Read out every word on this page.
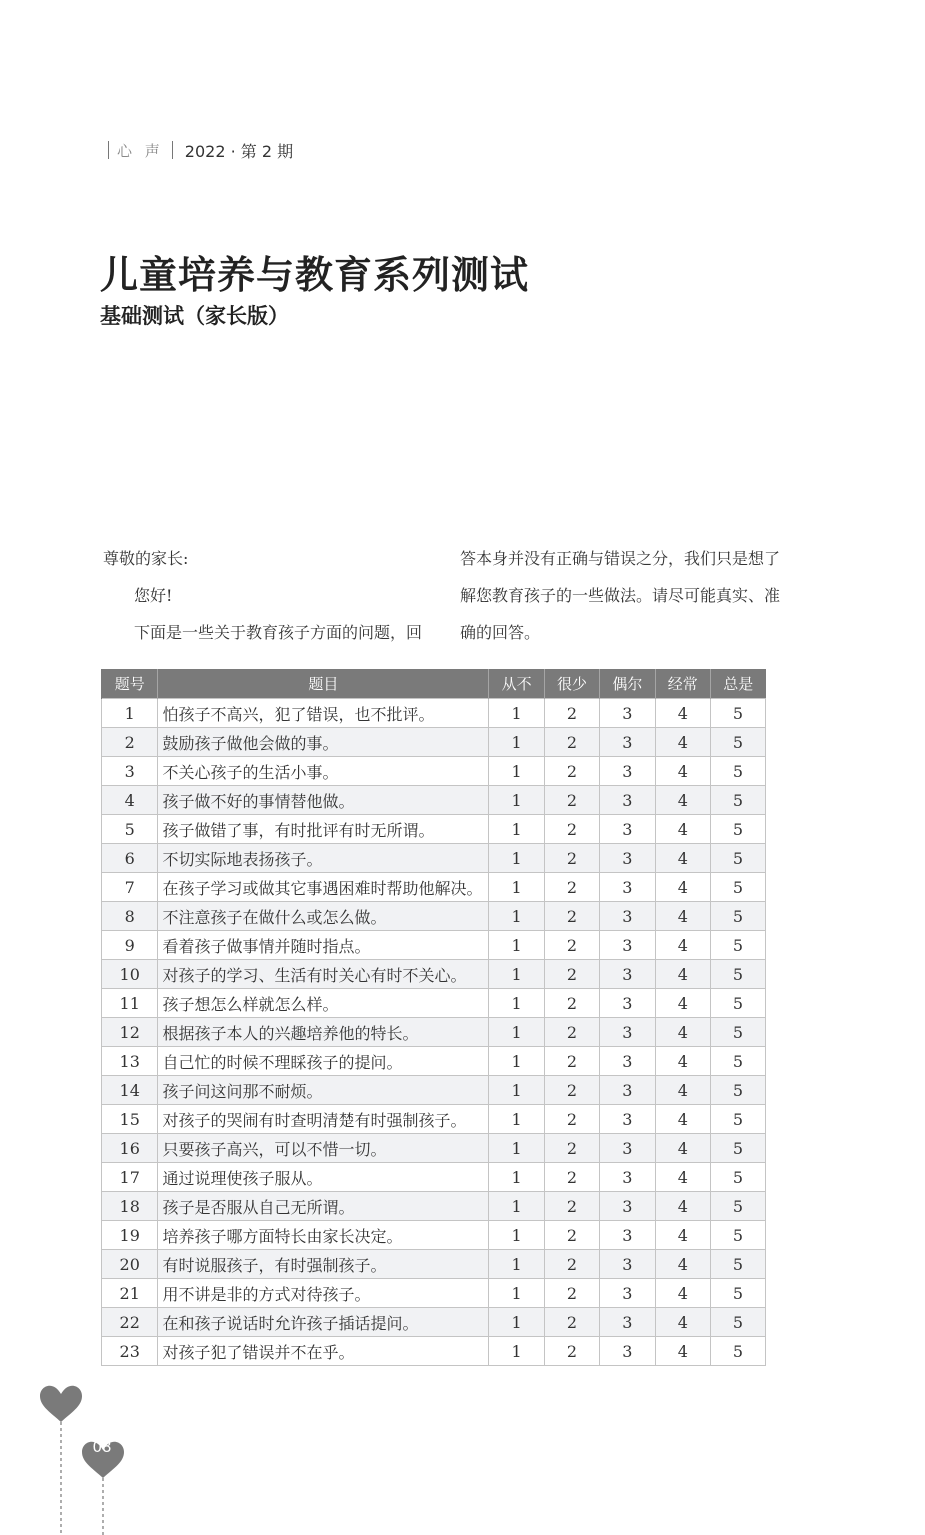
心 声 2022 · 第 2 期
儿童培养与教育系列测试
基础测试（家长版）

尊敬的家长:

您好!

下面是一些关于教育孩子方面的问题，回

答本身并没有正确与错误之分，我们只是想了

解您教育孩子的一些做法。请尽可能真实、准

确的回答。

题号	题目	从不	很少	偶尔	经常	总是
1	怕孩子不高兴，犯了错误，也不批评。	1	2	3	4	5
2	鼓励孩子做他会做的事。	1	2	3	4	5
3	不关心孩子的生活小事。	1	2	3	4	5
4	孩子做不好的事情替他做。	1	2	3	4	5
5	孩子做错了事，有时批评有时无所谓。	1	2	3	4	5
6	不切实际地表扬孩子。	1	2	3	4	5
7	在孩子学习或做其它事遇困难时帮助他解决。	1	2	3	4	5
8	不注意孩子在做什么或怎么做。	1	2	3	4	5
9	看着孩子做事情并随时指点。	1	2	3	4	5
10	对孩子的学习、生活有时关心有时不关心。	1	2	3	4	5
11	孩子想怎么样就怎么样。	1	2	3	4	5
12	根据孩子本人的兴趣培养他的特长。	1	2	3	4	5
13	自己忙的时候不理睬孩子的提问。	1	2	3	4	5
14	孩子问这问那不耐烦。	1	2	3	4	5
15	对孩子的哭闹有时查明清楚有时强制孩子。	1	2	3	4	5
16	只要孩子高兴，可以不惜一切。	1	2	3	4	5
17	通过说理使孩子服从。	1	2	3	4	5
18	孩子是否服从自己无所谓。	1	2	3	4	5
19	培养孩子哪方面特长由家长决定。	1	2	3	4	5
20	有时说服孩子，有时强制孩子。	1	2	3	4	5
21	用不讲是非的方式对待孩子。	1	2	3	4	5
22	在和孩子说话时允许孩子插话提问。	1	2	3	4	5
23	对孩子犯了错误并不在乎。	1	2	3	4	5
08
